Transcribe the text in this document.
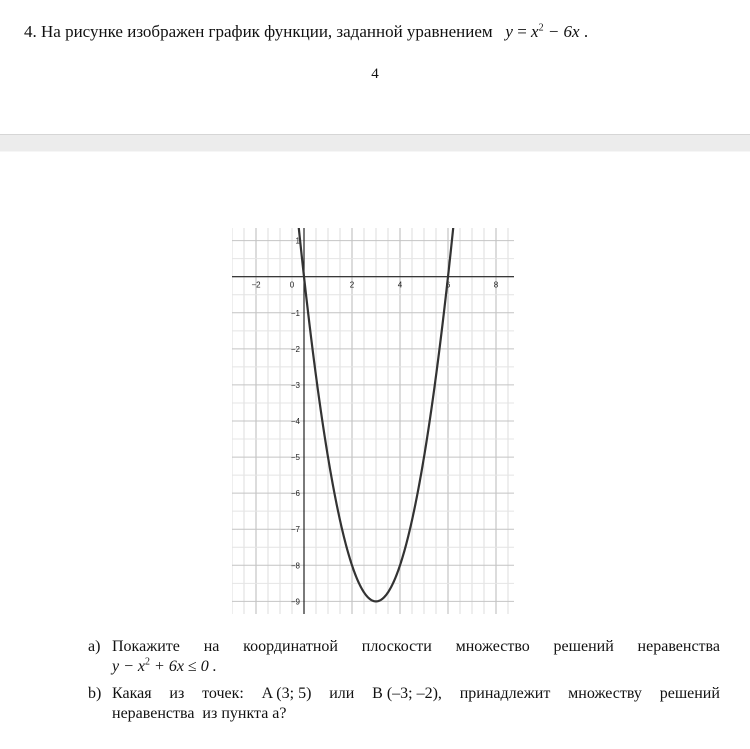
4. На рисунке изображен график функции, заданной уравнением $y = x^2 - 6x$ .
4
−2	0	2	4	6	8
1
−1
−2
−3
−4
−5
−6
−7
−8
−9
a) Покажите на координатной плоскости множество решений неравенства
$y - x^2 + 6x \le 0$ .
b) Какая из точек: A (3; 5) или B (–3; –2), принадлежит множеству решений
неравенства  из пункта а?
